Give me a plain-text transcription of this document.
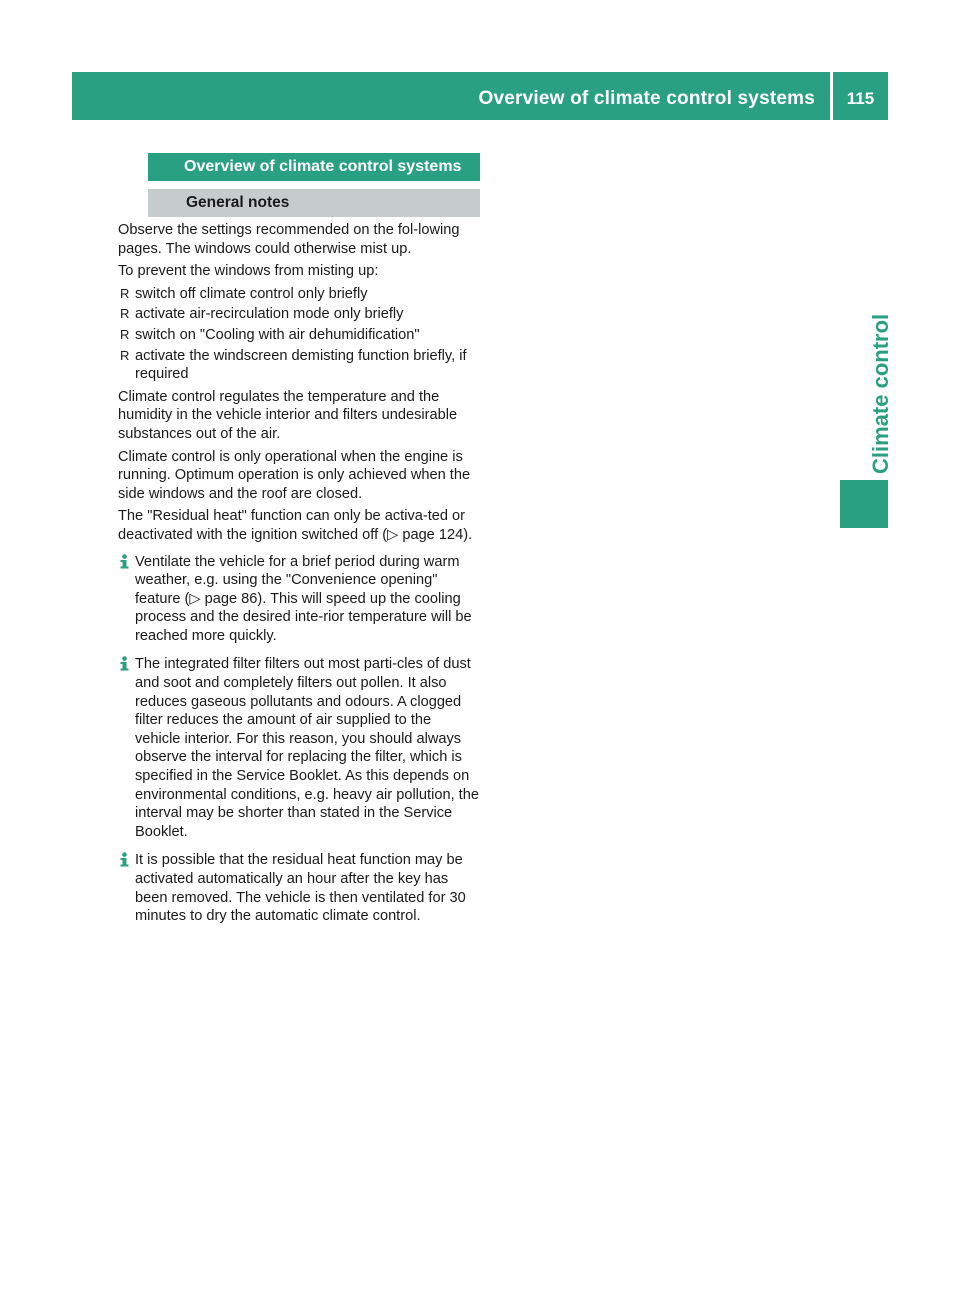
Overview of climate control systems	115
Climate control
Overview of climate control systems
General notes

Observe the settings recommended on the fol-lowing pages. The windows could otherwise mist up.

To prevent the windows from misting up:

R switch off climate control only briefly
R activate air-recirculation mode only briefly
R switch on "Cooling with air dehumidification"
R activate the windscreen demisting function briefly, if required

Climate control regulates the temperature and the humidity in the vehicle interior and filters undesirable substances out of the air.

Climate control is only operational when the engine is running. Optimum operation is only achieved when the side windows and the roof are closed.

The "Residual heat" function can only be activa-ted or deactivated with the ignition switched off (▷ page 124).

Ventilate the vehicle for a brief period during warm weather, e.g. using the "Convenience opening" feature (▷ page 86). This will speed up the cooling process and the desired inte-rior temperature will be reached more quickly.
The integrated filter filters out most parti-cles of dust and soot and completely filters out pollen. It also reduces gaseous pollutants and odours. A clogged filter reduces the amount of air supplied to the vehicle interior. For this reason, you should always observe the interval for replacing the filter, which is specified in the Service Booklet. As this depends on environmental conditions, e.g. heavy air pollution, the interval may be shorter than stated in the Service Booklet.
It is possible that the residual heat function may be activated automatically an hour after the key has been removed. The vehicle is then ventilated for 30 minutes to dry the automatic climate control.
